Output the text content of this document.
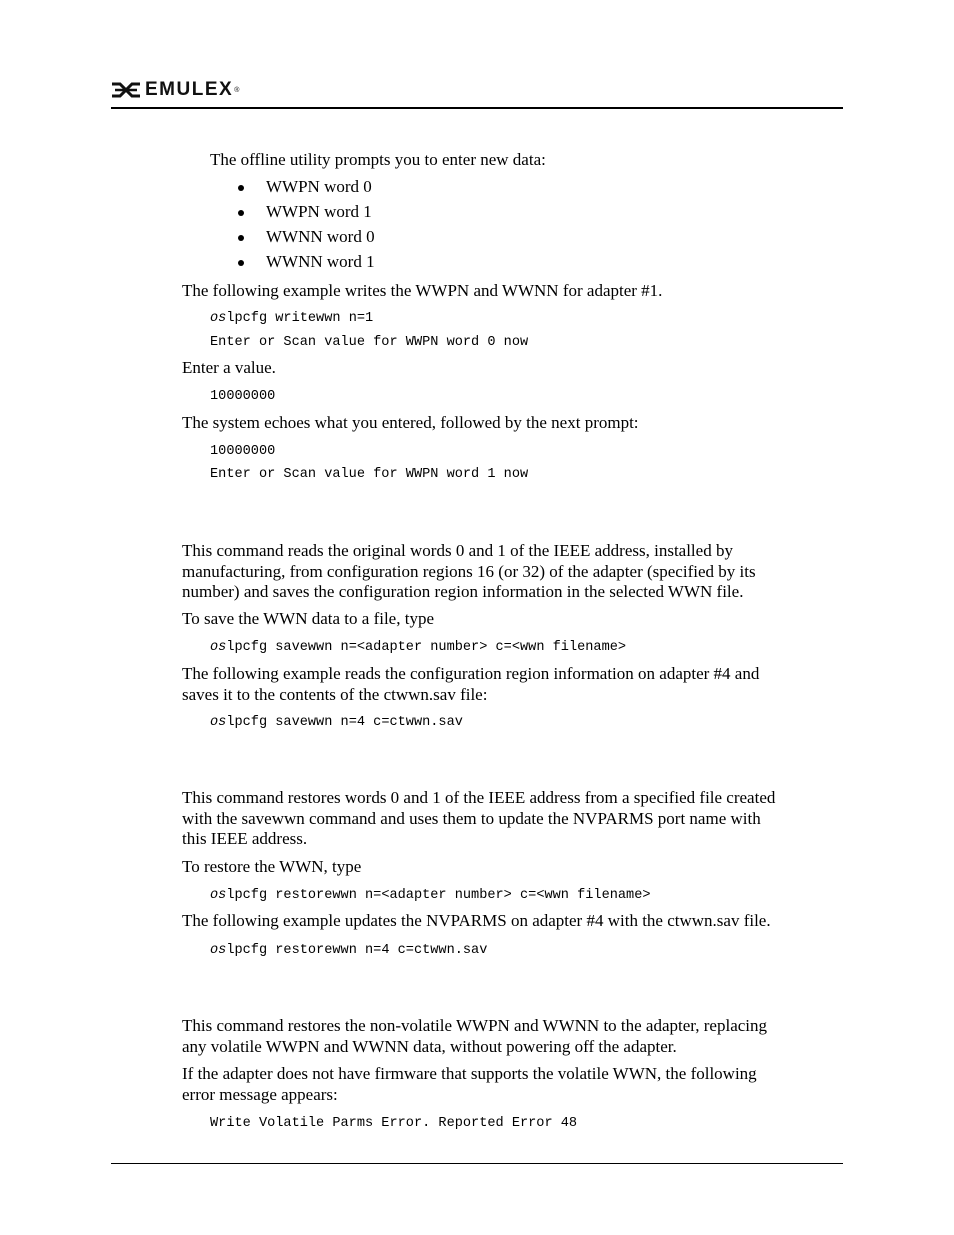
EMULEX ®
The offline utility prompts you to enter new data:
WWPN word 0
WWPN word 1
WWNN word 0
WWNN word 1
The following example writes the WWPN and WWNN for adapter #1.
oslpcfg writewwn n=1
Enter or Scan value for WWPN word 0 now
Enter a value.
10000000
The system echoes what you entered, followed by the next prompt:
10000000
Enter or Scan value for WWPN word 1 now
This command reads the original words 0 and 1 of the IEEE address, installed by
manufacturing, from configuration regions 16 (or 32) of the adapter (specified by its
number) and saves the configuration region information in the selected WWN file.
To save the WWN data to a file, type
oslpcfg savewwn n=<adapter number> c=<wwn filename>
The following example reads the configuration region information on adapter #4 and
saves it to the contents of the ctwwn.sav file:
oslpcfg savewwn n=4 c=ctwwn.sav
This command restores words 0 and 1 of the IEEE address from a specified file created
with the savewwn command and uses them to update the NVPARMS port name with
this IEEE address.
To restore the WWN, type
oslpcfg restorewwn n=<adapter number> c=<wwn filename>
The following example updates the NVPARMS on adapter #4 with the ctwwn.sav file.
oslpcfg restorewwn n=4 c=ctwwn.sav
This command restores the non-volatile WWPN and WWNN to the adapter, replacing
any volatile WWPN and WWNN data, without powering off the adapter.
If the adapter does not have firmware that supports the volatile WWN, the following
error message appears:
Write Volatile Parms Error. Reported Error 48
